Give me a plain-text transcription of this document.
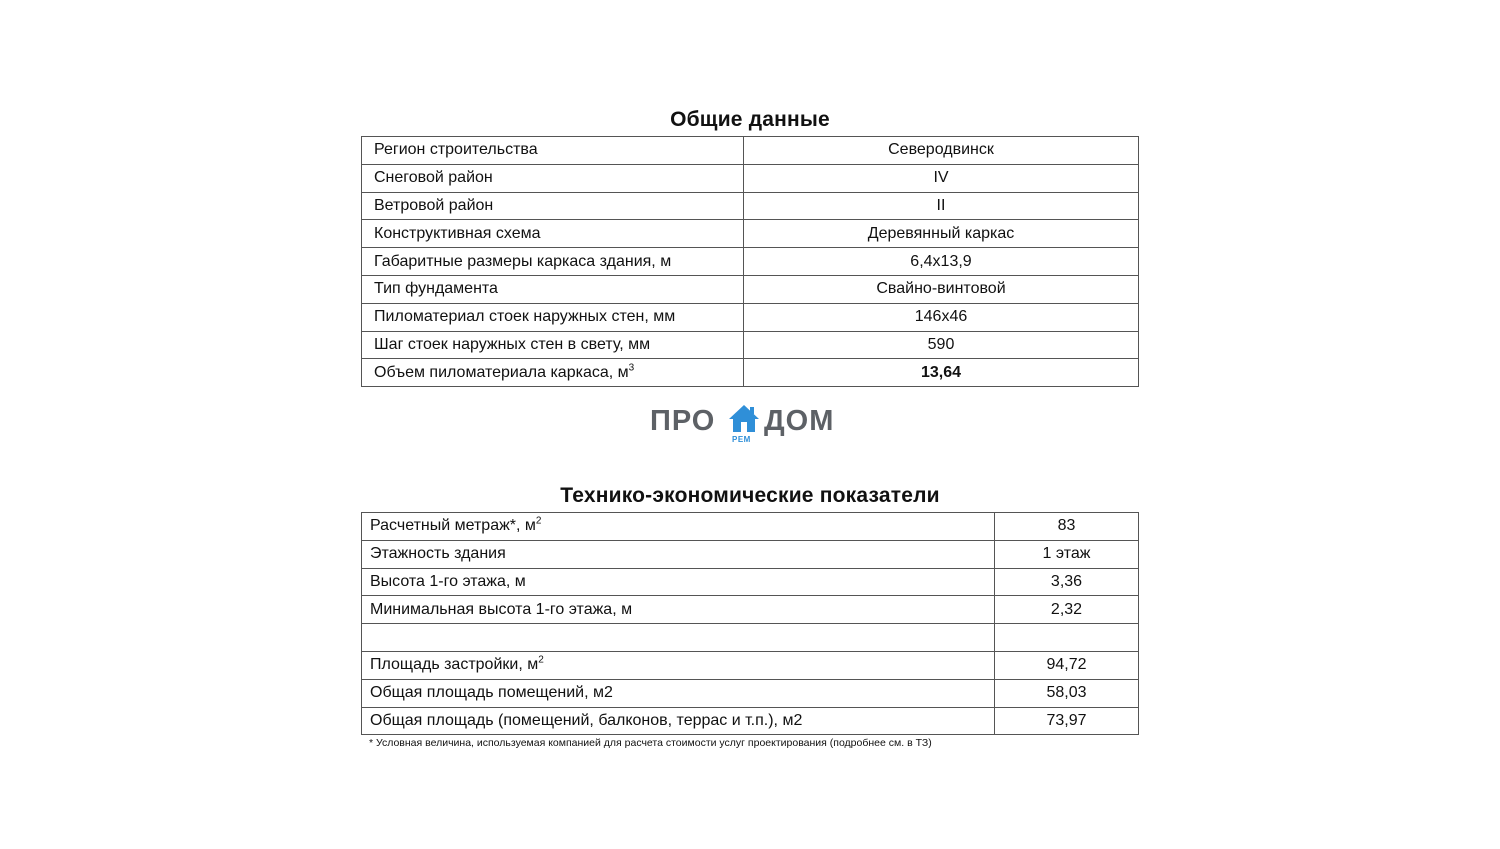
Общие данные
Регион строительства	Северодвинск
Снеговой район	IV
Ветровой район	II
Конструктивная схема	Деревянный каркас
Габаритные размеры каркаса здания, м	6,4х13,9
Тип фундамента	Свайно-винтовой
Пиломатериал стоек наружных стен, мм	146х46
Шаг стоек наружных стен в свету, мм	590
Объем пиломатериала каркаса, $м^3$	13,64
ПРО
РЕМ
ДОМ
Технико-экономические показатели
Расчетный метраж*, $м^2$	83
Этажность здания	1 этаж
Высота 1-го этажа, м	3,36
Минимальная высота 1-го этажа, м	2,32

Площадь застройки, $м^2$	94,72
Общая площадь помещений, м2	58,03
Общая площадь (помещений, балконов, террас и т.п.), м2	73,97
* Условная величина, используемая компанией для расчета стоимости услуг проектирования (подробнее см. в ТЗ)
